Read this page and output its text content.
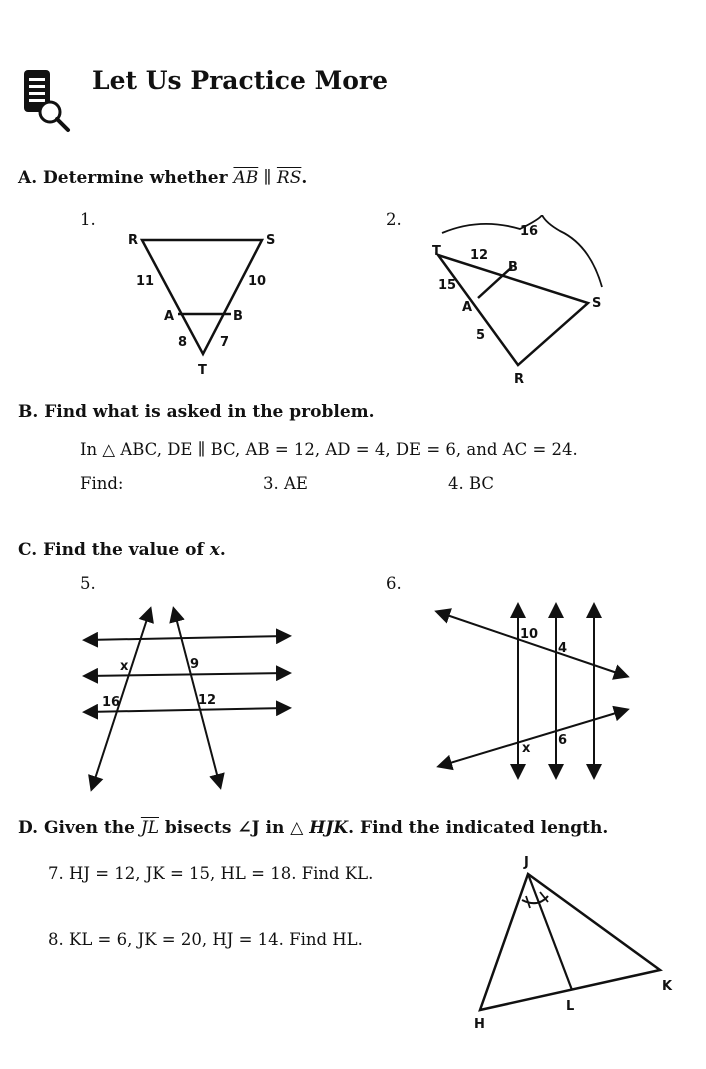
Let Us Practice More
A. Determine whether $\overline{AB}$ ∥ $\overline{RS}$.
1.	2.
R	S
11	10
A	B
8	7
T
16
T 12
B
15
A	S
5
R
B. Find what is asked in the problem.
In △ ABC, DE ∥ BC, AB = 12, AD = 4, DE = 6, and AC = 24.
Find:	3. AE	4. BC
C. Find the value of x.
5.	6.
x	9
16	12
10
4
x
6
D. Given the $\overline{JL}$ bisects ∠J in △ HJK. Find the indicated length.
7. HJ = 12, JK = 15, HL = 18. Find KL.
8. KL = 6, JK = 20, HJ = 14. Find HL.
J
H
K
L
